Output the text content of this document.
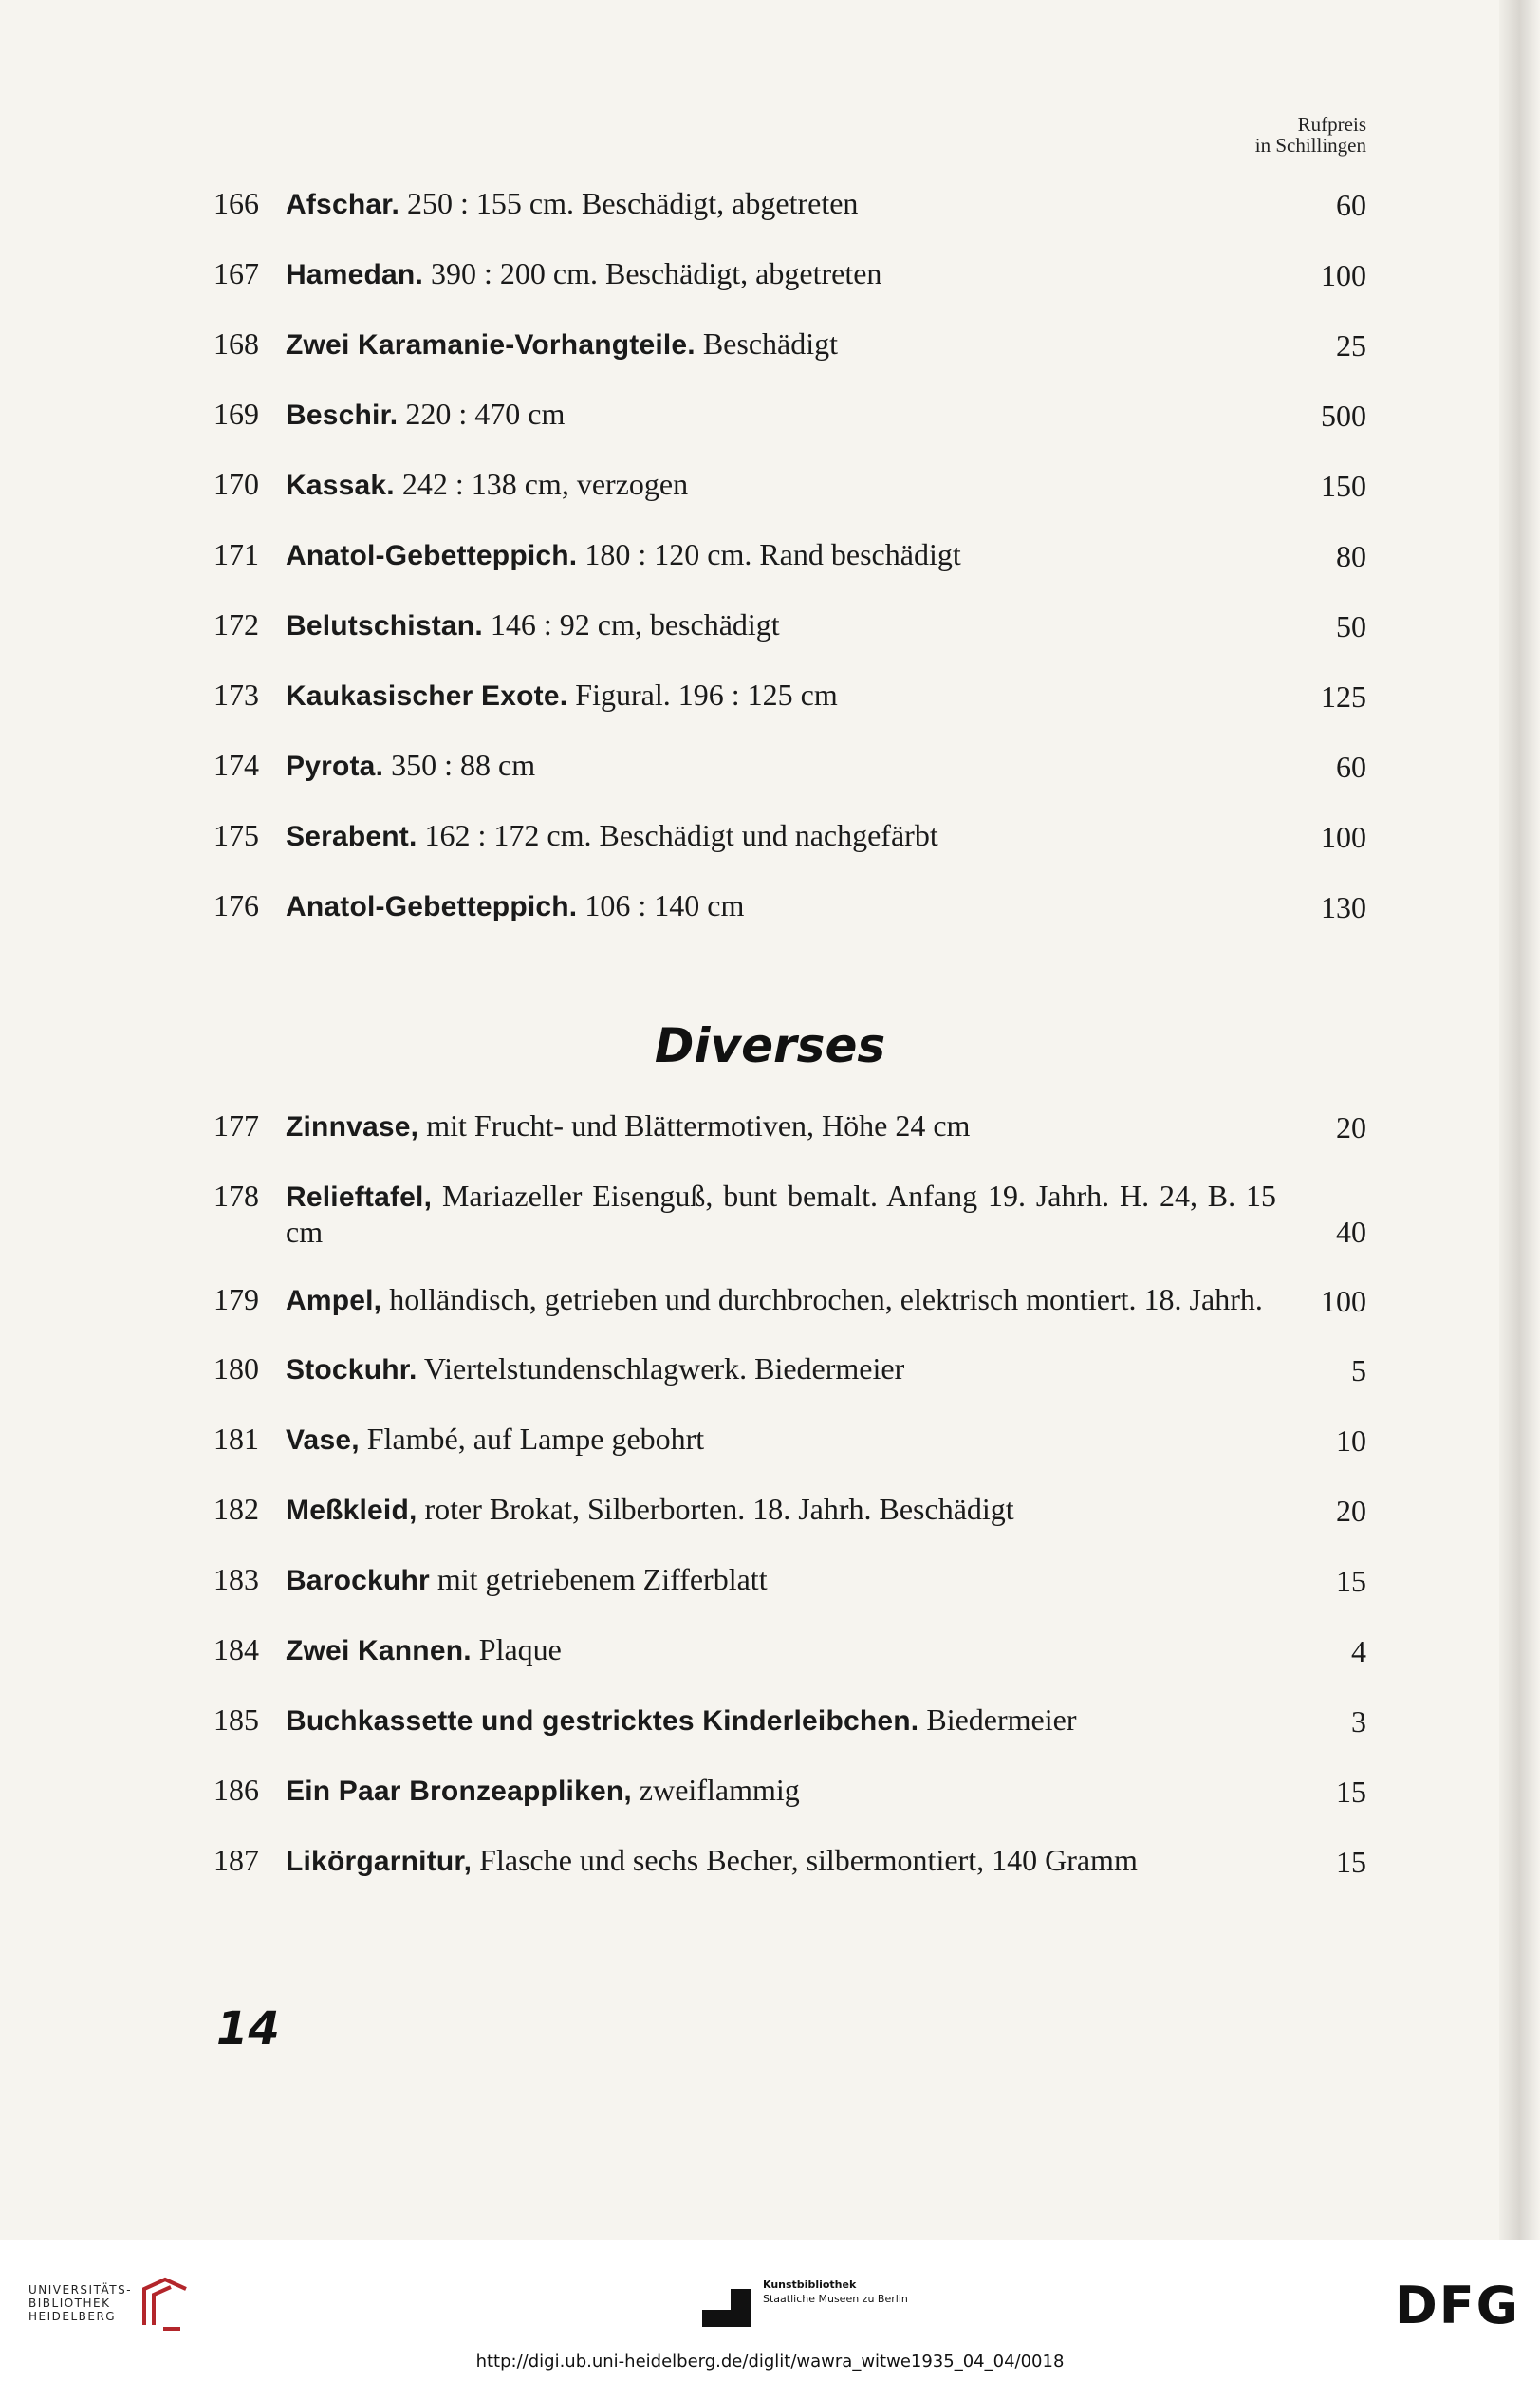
Rufpreis
in Schillingen
166 Afschar. 250 : 155 cm. Beschädigt, abgetreten	60
167 Hamedan. 390 : 200 cm. Beschädigt, abgetreten	100
168 Zwei Karamanie-Vorhangteile. Beschädigt	25
169 Beschir. 220 : 470 cm	500
170 Kassak. 242 : 138 cm, verzogen	150
171 Anatol-Gebetteppich. 180 : 120 cm. Rand beschädigt	80
172 Belutschistan. 146 : 92 cm, beschädigt	50
173 Kaukasischer Exote. Figural. 196 : 125 cm	125
174 Pyrota. 350 : 88 cm	60
175 Serabent. 162 : 172 cm. Beschädigt und nachgefärbt	100
176 Anatol-Gebetteppich. 106 : 140 cm	130
Diverses
177 Zinnvase, mit Frucht- und Blättermotiven, Höhe 24 cm	20
178 Relieftafel, Mariazeller Eisenguß, bunt bemalt. Anfang 19. Jahrh. H. 24, B. 15 cm	40
179 Ampel, holländisch, getrieben und durchbrochen, elektrisch montiert. 18. Jahrh.	100
180 Stockuhr. Viertelstundenschlagwerk. Biedermeier	5
181 Vase, Flambé, auf Lampe gebohrt	10
182 Meßkleid, roter Brokat, Silberborten. 18. Jahrh. Beschädigt	20
183 Barockuhr mit getriebenem Zifferblatt	15
184 Zwei Kannen. Plaque	4
185 Buchkassette und gestricktes Kinderleibchen. Biedermeier	3
186 Ein Paar Bronzeappliken, zweiflammig	15
187 Likörgarnitur, Flasche und sechs Becher, silbermontiert, 140 Gramm	15
14
UNIVERSITÄTS-
BIBLIOTHEK
HEIDELBERG
Kunstbibliothek
Staatliche Museen zu Berlin	DFG
http://digi.ub.uni-heidelberg.de/diglit/wawra_witwe1935_04_04/0018
